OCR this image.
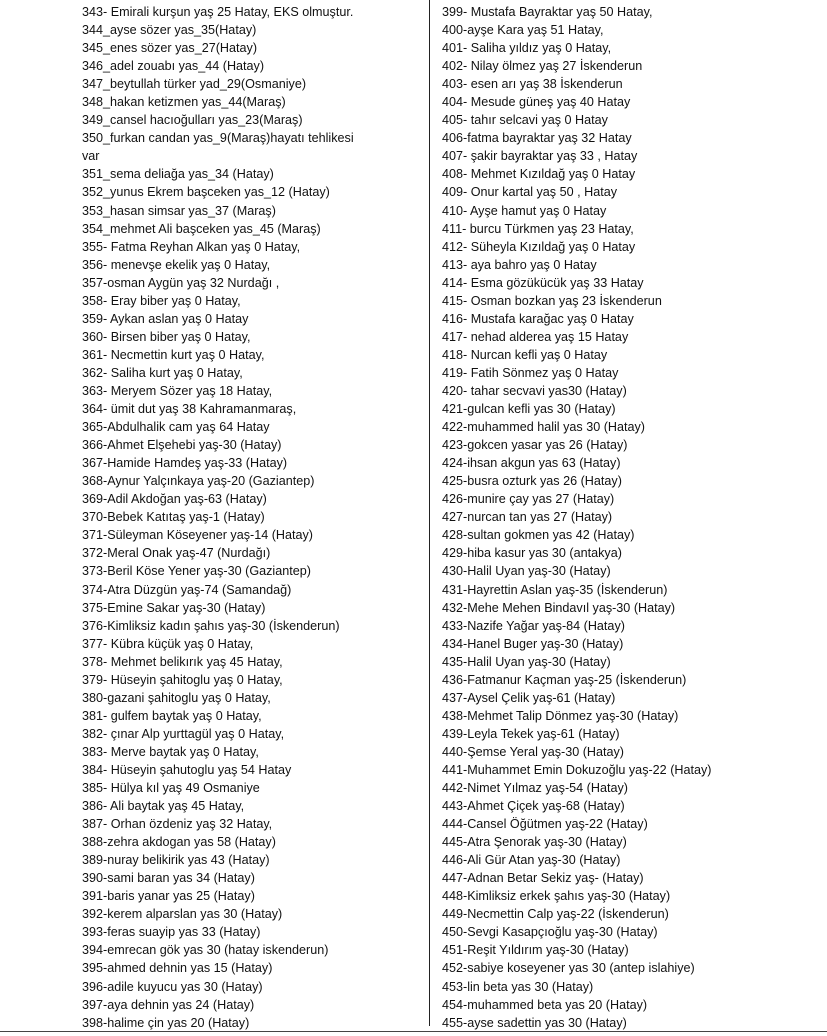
343- Emirali kurşun yaş 25 Hatay, EKS olmuştur.
344_ayse sözer yas_35(Hatay)
345_enes sözer yas_27(Hatay)
346_adel zouabı yas_44 (Hatay)
347_beytullah türker yad_29(Osmaniye)
348_hakan ketizmen yas_44(Maraş)
349_cansel hacıoğulları yas_23(Maraş)
350_furkan candan yas_9(Maraş)hayatı tehlikesi
var
351_sema deliağa yas_34 (Hatay)
352_yunus Ekrem başceken yas_12 (Hatay)
353_hasan simsar yas_37 (Maraş)
354_mehmet Ali başceken yas_45 (Maraş)
355- Fatma Reyhan Alkan yaş 0 Hatay,
356- menevşe ekelik yaş 0 Hatay,
357-osman Aygün yaş 32 Nurdağı ,
358- Eray biber yaş 0 Hatay,
359- Aykan aslan yaş 0 Hatay
360- Birsen biber yaş 0 Hatay,
361- Necmettin kurt yaş 0 Hatay,
362- Saliha kurt yaş 0 Hatay,
363- Meryem Sözer yaş 18 Hatay,
364- ümit dut yaş 38 Kahramanmaraş,
365-Abdulhalik cam yaş 64 Hatay
366-Ahmet Elşehebi yaş-30 (Hatay)
367-Hamide Hamdeş yaş-33 (Hatay)
368-Aynur Yalçınkaya yaş-20 (Gaziantep)
369-Adil Akdoğan yaş-63 (Hatay)
370-Bebek Katıtaş yaş-1 (Hatay)
371-Süleyman Köseyener yaş-14 (Hatay)
372-Meral Onak yaş-47 (Nurdağı)
373-Beril Köse Yener yaş-30 (Gaziantep)
374-Atra Düzgün yaş-74 (Samandağ)
375-Emine Sakar yaş-30 (Hatay)
376-Kimliksiz kadın şahıs yaş-30 (İskenderun)
377- Kübra küçük yaş 0 Hatay,
378- Mehmet belikırık yaş 45 Hatay,
379- Hüseyin şahitoglu yaş 0 Hatay,
380-gazani şahitoglu yaş 0 Hatay,
381- gulfem baytak yaş 0 Hatay,
382- çınar Alp yurttagül yaş 0 Hatay,
383- Merve baytak yaş 0 Hatay,
384- Hüseyin şahutoglu yaş 54 Hatay
385- Hülya kıl yaş 49 Osmaniye
386- Ali baytak yaş 45 Hatay,
387- Orhan özdeniz yaş 32 Hatay,
388-zehra akdogan yas 58 (Hatay)
389-nuray belikirik yas 43 (Hatay)
390-sami baran yas 34 (Hatay)
391-baris yanar yas 25 (Hatay)
392-kerem alparslan yas 30 (Hatay)
393-feras suayip yas 33 (Hatay)
394-emrecan gök yas 30 (hatay iskenderun)
395-ahmed dehnin yas 15 (Hatay)
396-adile kuyucu yas 30 (Hatay)
397-aya dehnin yas 24 (Hatay)
398-halime çin yas 20 (Hatay)
399- Mustafa Bayraktar yaş 50 Hatay,
400-ayşe Kara yaş 51 Hatay,
401- Saliha yıldız yaş 0 Hatay,
402- Nilay ölmez yaş 27 İskenderun
403- esen arı yaş 38 İskenderun
404- Mesude güneş yaş 40 Hatay
405- tahır selcavi yaş 0 Hatay
406-fatma bayraktar yaş 32 Hatay
407- şakir bayraktar yaş 33 , Hatay
408- Mehmet Kızıldağ yaş 0 Hatay
409- Onur kartal yaş 50 , Hatay
410- Ayşe hamut yaş 0 Hatay
411- burcu Türkmen yaş 23 Hatay,
412- Süheyla Kızıldağ yaş 0 Hatay
413- aya bahro yaş 0 Hatay
414- Esma gözükücük yaş 33 Hatay
415- Osman bozkan yaş 23 İskenderun
416- Mustafa karağac yaş 0 Hatay
417- nehad alderea yaş 15 Hatay
418- Nurcan kefli yaş 0 Hatay
419- Fatih Sönmez yaş 0 Hatay
420- tahar secvavi yas30 (Hatay)
421-gulcan kefli yas 30 (Hatay)
422-muhammed halil yas 30 (Hatay)
423-gokcen yasar yas 26 (Hatay)
424-ihsan akgun yas 63 (Hatay)
425-busra ozturk yas 26 (Hatay)
426-munire çay yas 27 (Hatay)
427-nurcan tan yas 27 (Hatay)
428-sultan gokmen yas 42 (Hatay)
429-hiba kasur yas 30 (antakya)
430-Halil Uyan yaş-30 (Hatay)
431-Hayrettin Aslan yaş-35 (İskenderun)
432-Mehe Mehen Bindavıl yaş-30 (Hatay)
433-Nazife Yağar yaş-84 (Hatay)
434-Hanel Buger yaş-30 (Hatay)
435-Halil Uyan yaş-30 (Hatay)
436-Fatmanur Kaçman yaş-25 (İskenderun)
437-Aysel Çelik yaş-61 (Hatay)
438-Mehmet Talip Dönmez yaş-30 (Hatay)
439-Leyla Tekek yaş-61 (Hatay)
440-Şemse Yeral yaş-30 (Hatay)
441-Muhammet Emin Dokuzoğlu yaş-22 (Hatay)
442-Nimet Yılmaz yaş-54 (Hatay)
443-Ahmet Çiçek yaş-68 (Hatay)
444-Cansel Öğütmen yaş-22 (Hatay)
445-Atra Şenorak yaş-30 (Hatay)
446-Ali Gür Atan yaş-30 (Hatay)
447-Adnan Betar Sekiz yaş- (Hatay)
448-Kimliksiz erkek şahıs yaş-30 (Hatay)
449-Necmettin Calp yaş-22 (İskenderun)
450-Sevgi Kasapçıoğlu yaş-30 (Hatay)
451-Reşit Yıldırım yaş-30 (Hatay)
452-sabiye koseyener yas 30 (antep islahiye)
453-lin beta yas 30 (Hatay)
454-muhammed beta yas 20 (Hatay)
455-ayse sadettin yas 30 (Hatay)
